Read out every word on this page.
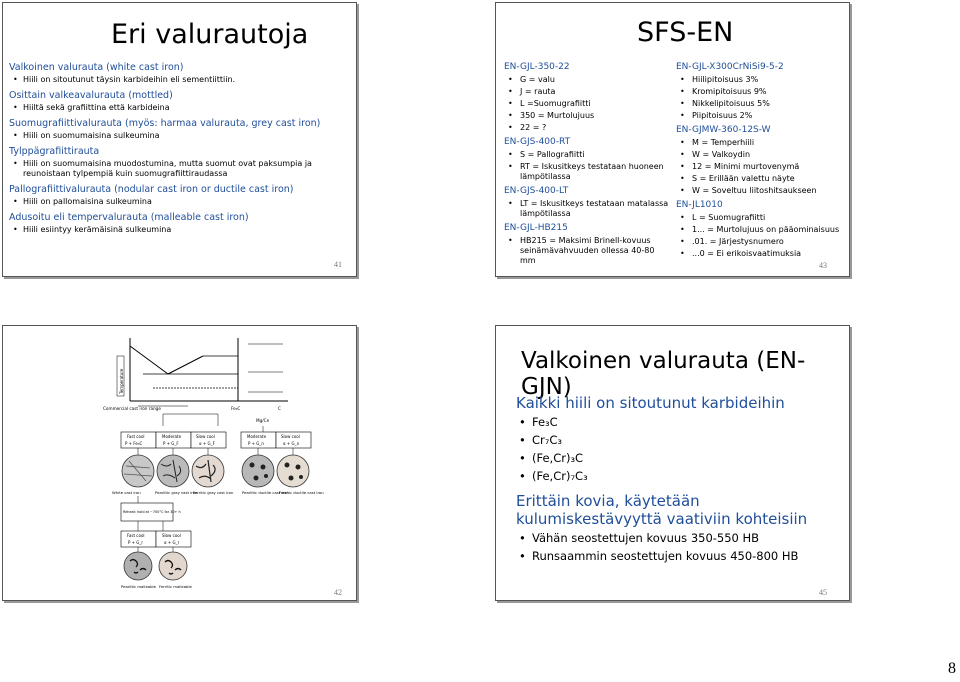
Eri valurautoja
Valkoinen valurauta (white cast iron)
• Hiili on sitoutunut täysin karbideihin eli sementiittiin.
Osittain valkeavalurauta (mottled)
• Hiiltä sekä grafiittina että karbideina
Suomugrafiittivalurauta (myös: harmaa valurauta, grey cast iron)
• Hiili on suomumaisina sulkeumina
Tylppägrafiittirauta
• Hiili on suomumaisina muodostumina, mutta suomut ovat paksumpia ja reunoistaan tylpempiä kuin suomugrafiittiraudassa
Pallografiittivalurauta (nodular cast iron or ductile cast iron)
• Hiili on pallomaisina sulkeumina
Adusoitu eli tempervalurauta (malleable cast iron)
• Hiili esiintyy kerämäisinä sulkeumina
41
SFS-EN
EN-GJL-350-22
• G = valu
• J = rauta
• L =Suomugrafiitti
• 350 = Murtolujuus
• 22 = ?
EN-GJS-400-RT
• S = Pallografiitti
• RT = Iskusitkeys testataan huoneen lämpötilassa
EN-GJS-400-LT
• LT = Iskusitkeys testataan matalassa lämpötilassa
EN-GJL-HB215
• HB215 = Maksimi Brinell-kovuus seinämävahvuuden ollessa 40-80 mm
EN-GJL-X300CrNiSi9-5-2
• Hiilipitoisuus 3%
• Kromipitoisuus 9%
• Nikkelipitoisuus 5%
• Piipitoisuus 2%
EN-GJMW-360-12S-W
• M = Temperhiili
• W = Valkoydin
• 12 = Minimi murtovenymä
• S = Erillään valettu näyte
• W = Soveltuu liitoshitsaukseen
EN-JL1010
• L = Suomugrafiitti
• 1... = Murtolujuus on pääominaisuus
• .01. = Järjestysnumero
• ...0 = Ei erikoisvaatimuksia
43
Temperature
Commercial cast iron range	Fe₃C	C
Mg/Ce
Fast cool
P + Fe₃C
Moderate
P + G_F
Slow cool
α + G_F
Moderate
P + G_n
Slow cool
α + G_n
White cast iron	Pearlitic gray cast iron
Ferritic gray cast iron Pearlitic ductile cast iron
Ferritic ductile cast iron
Reheat: hold at ~700°C for 30+ h
Fast cool
P + G_r
Slow cool
α + G_r
Pearlitic malleable Ferritic malleable
42
Valkoinen valurauta (EN-GJN)
Kaikki hiili on sitoutunut karbideihin
• Fe₃C
• Cr₇C₃
• (Fe,Cr)₃C
• (Fe,Cr)₇C₃
Erittäin kovia, käytetään kulumiskestävyyttä vaativiin kohteisiin
• Vähän seostettujen kovuus 350-550 HB
• Runsaammin seostettujen kovuus 450-800 HB
45
8
